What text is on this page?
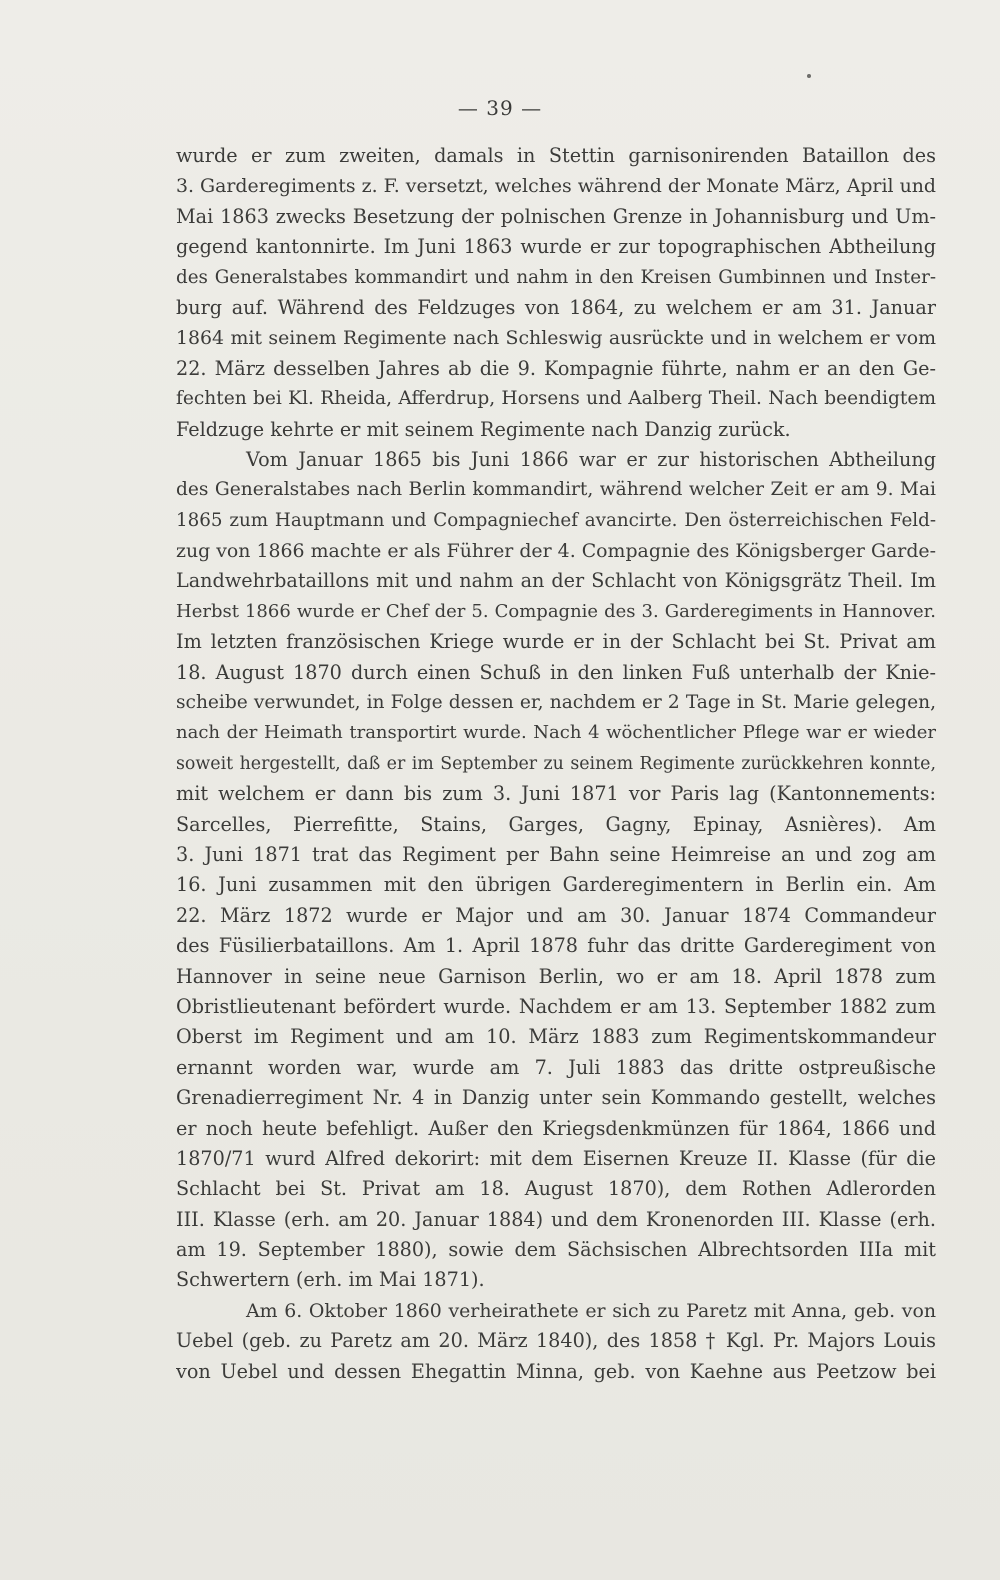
— 39 —
wurde er zum zweiten, damals in Stettin garnisonirenden Bataillon des
3. Garderegiments z. F. versetzt, welches während der Monate März, April und
Mai 1863 zwecks Besetzung der polnischen Grenze in Johannisburg und Um-
gegend kantonnirte. Im Juni 1863 wurde er zur topographischen Abtheilung
des Generalstabes kommandirt und nahm in den Kreisen Gumbinnen und Inster-
burg auf. Während des Feldzuges von 1864, zu welchem er am 31. Januar
1864 mit seinem Regimente nach Schleswig ausrückte und in welchem er vom
22. März desselben Jahres ab die 9. Kompagnie führte, nahm er an den Ge-
fechten bei Kl. Rheida, Afferdrup, Horsens und Aalberg Theil. Nach beendigtem
Feldzuge kehrte er mit seinem Regimente nach Danzig zurück.
Vom Januar 1865 bis Juni 1866 war er zur historischen Abtheilung
des Generalstabes nach Berlin kommandirt, während welcher Zeit er am 9. Mai
1865 zum Hauptmann und Compagniechef avancirte. Den österreichischen Feld-
zug von 1866 machte er als Führer der 4. Compagnie des Königsberger Garde-
Landwehrbataillons mit und nahm an der Schlacht von Königsgrätz Theil. Im
Herbst 1866 wurde er Chef der 5. Compagnie des 3. Garderegiments in Hannover.
Im letzten französischen Kriege wurde er in der Schlacht bei St. Privat am
18. August 1870 durch einen Schuß in den linken Fuß unterhalb der Knie-
scheibe verwundet, in Folge dessen er, nachdem er 2 Tage in St. Marie gelegen,
nach der Heimath transportirt wurde. Nach 4 wöchentlicher Pflege war er wieder
soweit hergestellt, daß er im September zu seinem Regimente zurückkehren konnte,
mit welchem er dann bis zum 3. Juni 1871 vor Paris lag (Kantonnements:
Sarcelles, Pierrefitte, Stains, Garges, Gagny, Epinay, Asnières). Am
3. Juni 1871 trat das Regiment per Bahn seine Heimreise an und zog am
16. Juni zusammen mit den übrigen Garderegimentern in Berlin ein. Am
22. März 1872 wurde er Major und am 30. Januar 1874 Commandeur
des Füsilierbataillons. Am 1. April 1878 fuhr das dritte Garderegiment von
Hannover in seine neue Garnison Berlin, wo er am 18. April 1878 zum
Obristlieutenant befördert wurde. Nachdem er am 13. September 1882 zum
Oberst im Regiment und am 10. März 1883 zum Regimentskommandeur
ernannt worden war, wurde am 7. Juli 1883 das dritte ostpreußische
Grenadierregiment Nr. 4 in Danzig unter sein Kommando gestellt, welches
er noch heute befehligt. Außer den Kriegsdenkmünzen für 1864, 1866 und
1870/71 wurd Alfred dekorirt: mit dem Eisernen Kreuze II. Klasse (für die
Schlacht bei St. Privat am 18. August 1870), dem Rothen Adlerorden
III. Klasse (erh. am 20. Januar 1884) und dem Kronenorden III. Klasse (erh.
am 19. September 1880), sowie dem Sächsischen Albrechtsorden IIIa mit
Schwertern (erh. im Mai 1871).
Am 6. Oktober 1860 verheirathete er sich zu Paretz mit Anna, geb. von
Uebel (geb. zu Paretz am 20. März 1840), des 1858 † Kgl. Pr. Majors Louis
von Uebel und dessen Ehegattin Minna, geb. von Kaehne aus Peetzow bei
